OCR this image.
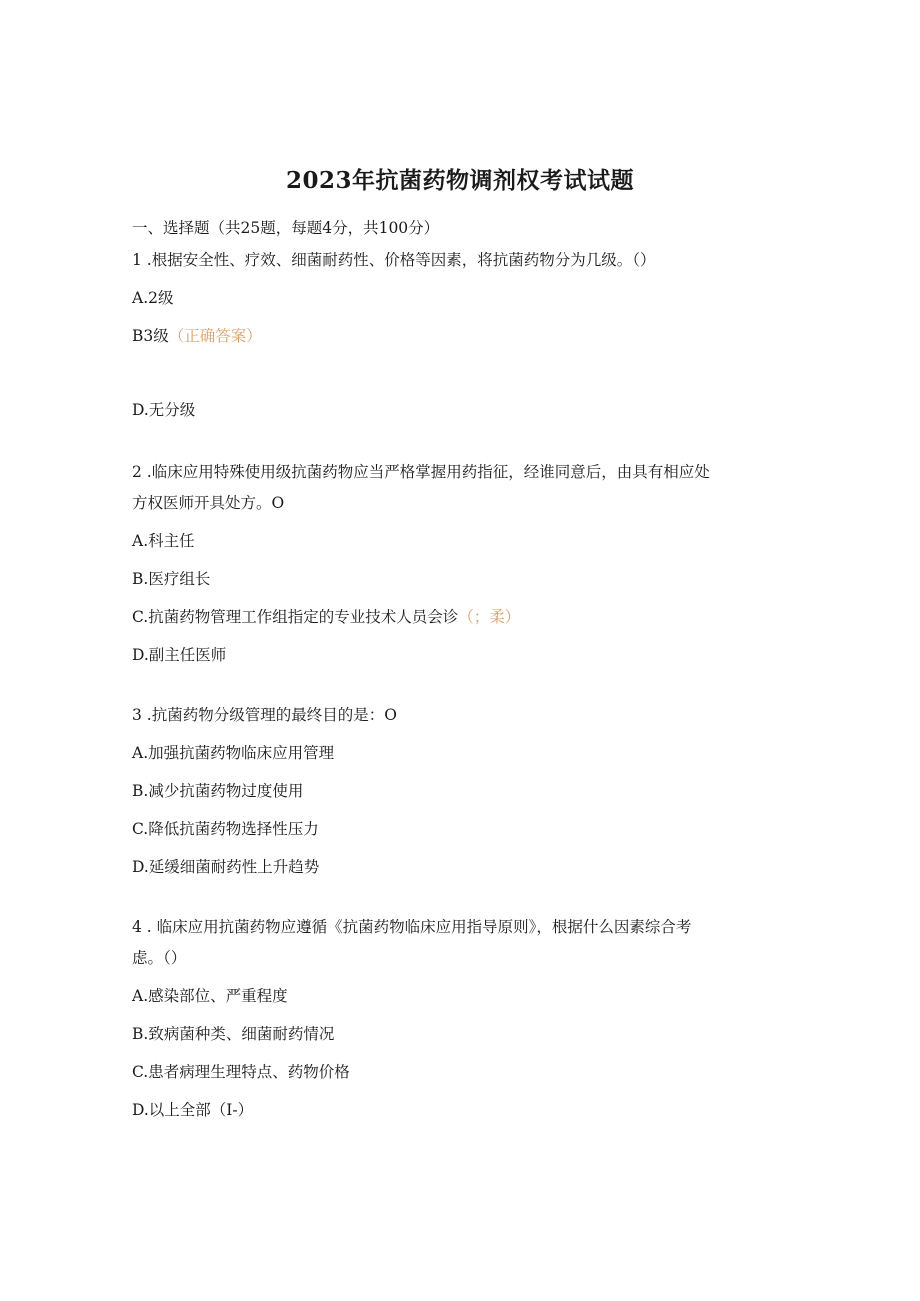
2023年抗菌药物调剂权考试试题
一、选择题（共25题，每题4分，共100分）
1 .根据安全性、疗效、细菌耐药性、价格等因素，将抗菌药物分为几级。（）
A.2级
B3级（正确答案）
D.无分级
2 .临床应用特殊使用级抗菌药物应当严格掌握用药指征，经谁同意后，由具有相应处
方权医师开具处方。O
A.科主任
B.医疗组长
C.抗菌药物管理工作组指定的专业技术人员会诊（；柔）
D.副主任医师
3 .抗菌药物分级管理的最终目的是：O
A.加强抗菌药物临床应用管理
B.减少抗菌药物过度使用
C.降低抗菌药物选择性压力
D.延缓细菌耐药性上升趋势
4 . 临床应用抗菌药物应遵循《抗菌药物临床应用指导原则》，根据什么因素综合考
虑。（）
A.感染部位、严重程度
B.致病菌种类、细菌耐药情况
C.患者病理生理特点、药物价格
D.以上全部（I-）
